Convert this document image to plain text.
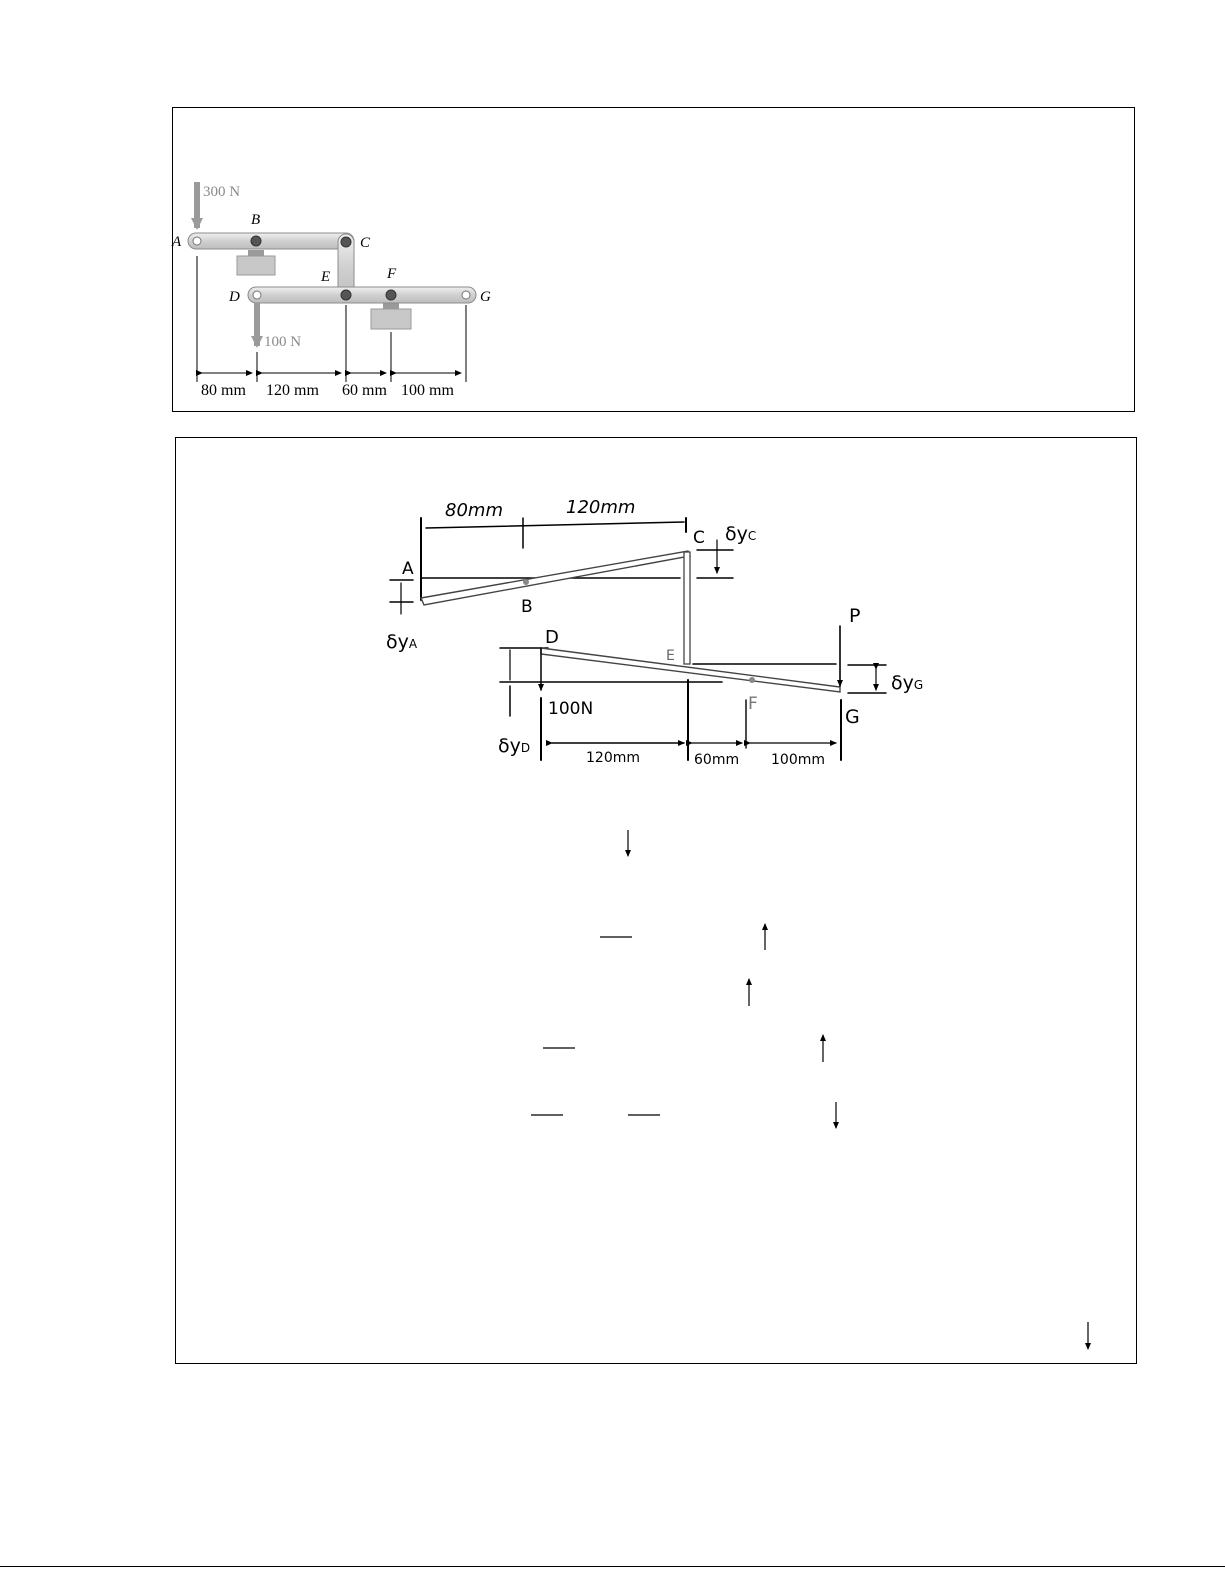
300 N
A
B
C
D
E	F
G
100 N
80 mm 120 mm 60 mm 100 mm
80mm	120mm
A
δyA
B
C δyC
D
E
F
G
δyD
100N
P
δyG
120mm	60mm 100mm
